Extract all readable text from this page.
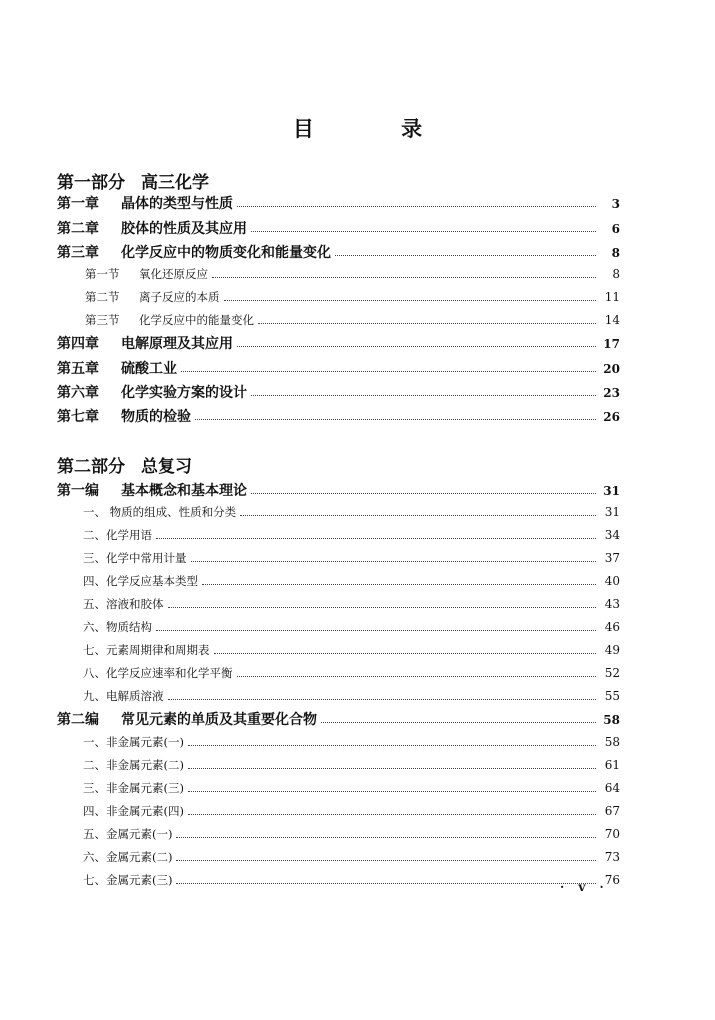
目 录
第一部分 高三化学
第一章 晶体的类型与性质	3
第二章 胶体的性质及其应用	6
第三章 化学反应中的物质变化和能量变化	8
第一节 氧化还原反应	8
第二节 离子反应的本质	11
第三节 化学反应中的能量变化	14
第四章 电解原理及其应用	17
第五章 硫酸工业	20
第六章 化学实验方案的设计	23
第七章 物质的检验	26
第二部分 总复习
第一编 基本概念和基本理论	31
一、 物质的组成、性质和分类	31
二、化学用语	34
三、化学中常用计量	37
四、化学反应基本类型	40
五、溶液和胶体	43
六、物质结构	46
七、元素周期律和周期表	49
八、化学反应速率和化学平衡	52
九、电解质溶液	55
第二编 常见元素的单质及其重要化合物	58
一、非金属元素(一)	58
二、非金属元素(二)	61
三、非金属元素(三)	64
四、非金属元素(四)	67
五、金属元素(一)	70
六、金属元素(二)	73
七、金属元素(三)	76
· v ·
